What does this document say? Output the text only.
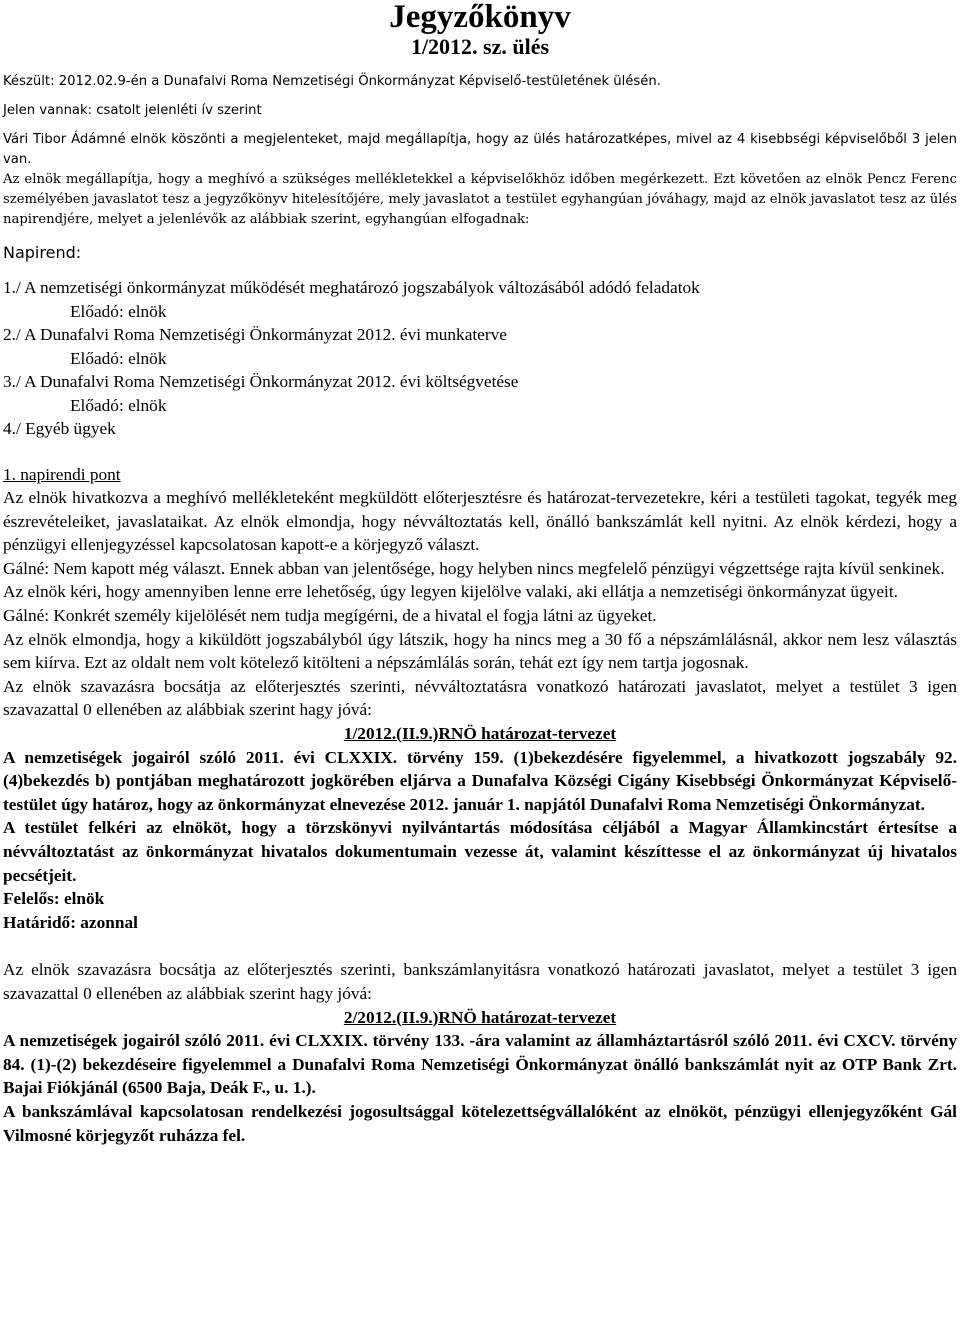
Jegyzőkönyv
1/2012. sz. ülés

Készült: 2012.02.9-én a Dunafalvi Roma Nemzetiségi Önkormányzat Képviselő-testületének ülésén.

Jelen vannak: csatolt jelenléti ív szerint

Vári Tibor Ádámné elnök köszönti a megjelenteket, majd megállapítja, hogy az ülés határozatképes, mivel az 4 kisebbségi képviselőből 3 jelen van.

Az elnök megállapítja, hogy a meghívó a szükséges mellékletekkel a képviselőkhöz időben megérkezett. Ezt követően az elnök Pencz Ferenc személyében javaslatot tesz a jegyzőkönyv hitelesítőjére, mely javaslatot a testület egyhangúan jóváhagy, majd az elnök javaslatot tesz az ülés napirendjére, melyet a jelenlévők az alábbiak szerint, egyhangúan elfogadnak:

Napirend:

1./ A nemzetiségi önkormányzat működését meghatározó jogszabályok változásából adódó feladatok

Előadó: elnök

2./ A Dunafalvi Roma Nemzetiségi Önkormányzat 2012. évi munkaterve

Előadó: elnök

3./ A Dunafalvi Roma Nemzetiségi Önkormányzat 2012. évi költségvetése

Előadó: elnök

4./ Egyéb ügyek

1. napirendi pont

Az elnök hivatkozva a meghívó mellékleteként megküldött előterjesztésre és határozat-tervezetekre, kéri a testületi tagokat, tegyék meg észrevételeiket, javaslataikat. Az elnök elmondja, hogy névváltoztatás kell, önálló bankszámlát kell nyitni. Az elnök kérdezi, hogy a pénzügyi ellenjegyzéssel kapcsolatosan kapott-e a körjegyző választ.

Gálné: Nem kapott még választ. Ennek abban van jelentősége, hogy helyben nincs megfelelő pénzügyi végzettsége rajta kívül senkinek.

Az elnök kéri, hogy amennyiben lenne erre lehetőség, úgy legyen kijelölve valaki, aki ellátja a nemzetiségi önkormányzat ügyeit.

Gálné: Konkrét személy kijelölését nem tudja megígérni, de a hivatal el fogja látni az ügyeket.

Az elnök elmondja, hogy a kiküldött jogszabályból úgy látszik, hogy ha nincs meg a 30 fő a népszámlálásnál, akkor nem lesz választás sem kiírva. Ezt az oldalt nem volt kötelező kitölteni a népszámlálás során, tehát ezt így nem tartja jogosnak.

Az elnök szavazásra bocsátja az előterjesztés szerinti, névváltoztatásra vonatkozó határozati javaslatot, melyet a testület 3 igen szavazattal 0 ellenében az alábbiak szerint hagy jóvá:

1/2012.(II.9.)RNÖ határozat-tervezet

A nemzetiségek jogairól szóló 2011. évi CLXXIX. törvény 159. (1)bekezdésére figyelemmel, a hivatkozott jogszabály 92. (4)bekezdés b) pontjában meghatározott jogkörében eljárva a Dunafalva Községi Cigány Kisebbségi Önkormányzat Képviselő-testület úgy határoz, hogy az önkormányzat elnevezése 2012. január 1. napjától Dunafalvi Roma Nemzetiségi Önkormányzat.

A testület felkéri az elnököt, hogy a törzskönyvi nyilvántartás módosítása céljából a Magyar Államkincstárt értesítse a névváltoztatást az önkormányzat hivatalos dokumentumain vezesse át, valamint készíttesse el az önkormányzat új hivatalos pecsétjeit.

Felelős: elnök

Határidő: azonnal

Az elnök szavazásra bocsátja az előterjesztés szerinti, bankszámlanyitásra vonatkozó határozati javaslatot, melyet a testület 3 igen szavazattal 0 ellenében az alábbiak szerint hagy jóvá:

2/2012.(II.9.)RNÖ határozat-tervezet

A nemzetiségek jogairól szóló 2011. évi CLXXIX. törvény 133. -ára valamint az államháztartásról szóló 2011. évi CXCV. törvény 84. (1)-(2) bekezdéseire figyelemmel a Dunafalvi Roma Nemzetiségi Önkormányzat önálló bankszámlát nyit az OTP Bank Zrt. Bajai Fiókjánál (6500 Baja, Deák F., u. 1.).

A bankszámlával kapcsolatosan rendelkezési jogosultsággal kötelezettségvállalóként az elnököt, pénzügyi ellenjegyzőként Gál Vilmosné körjegyzőt ruházza fel.
